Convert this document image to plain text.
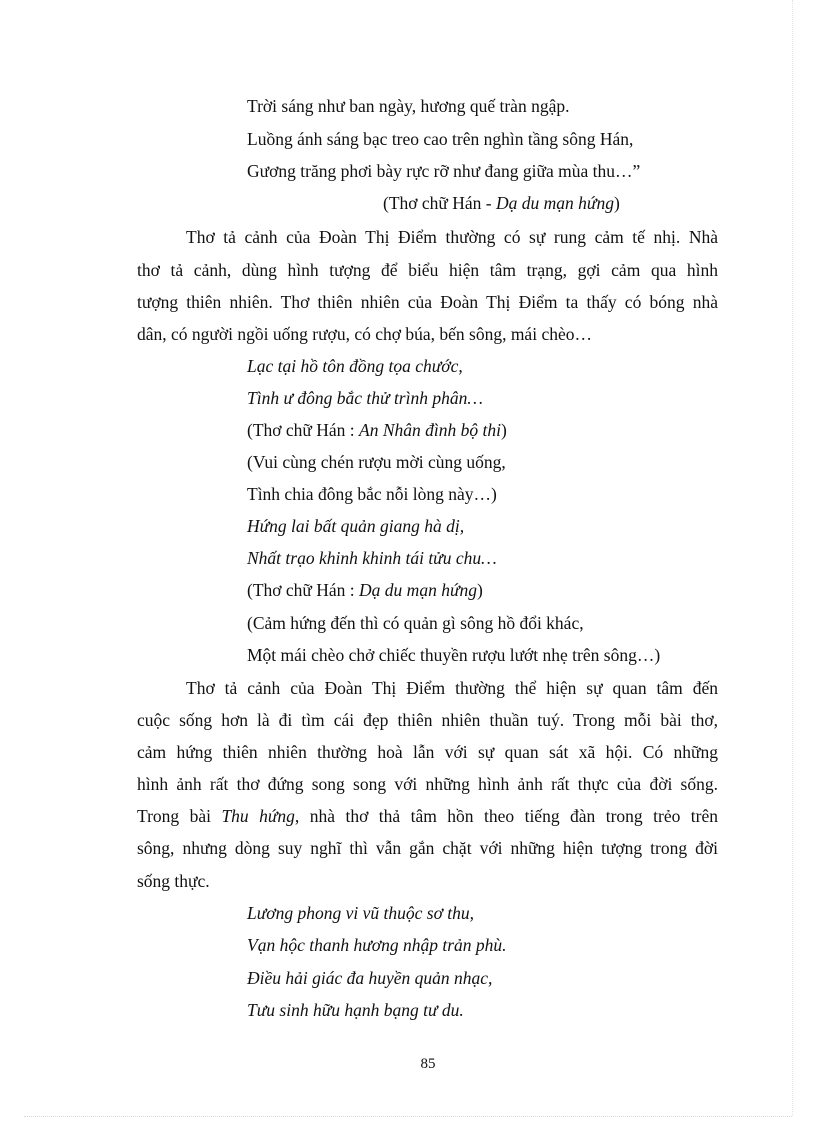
Trời sáng như ban ngày, hương quế tràn ngập.
Luồng ánh sáng bạc treo cao trên nghìn tầng sông Hán,
Gương trăng phơi bày rực rỡ như đang giữa mùa thu…”
(Thơ chữ Hán - Dạ du mạn hứng)
Thơ tả cảnh của Đoàn Thị Điểm thường có sự rung cảm tế nhị. Nhà
thơ tả cảnh, dùng hình tượng để biểu hiện tâm trạng, gợi cảm qua hình
tượng thiên nhiên. Thơ thiên nhiên của Đoàn Thị Điểm ta thấy có bóng nhà
dân, có người ngồi uống rượu, có chợ búa, bến sông, mái chèo…
Lạc tại hồ tôn đồng tọa chước,
Tình ư đông bắc thử trình phân…
(Thơ chữ Hán : An Nhân đình bộ thi)
(Vui cùng chén rượu mời cùng uống,
Tình chia đông bắc nỗi lòng này…)
Hứng lai bất quản giang hà dị,
Nhất trạo khinh khinh tái tửu chu…
(Thơ chữ Hán : Dạ du mạn hứng)
(Cảm hứng đến thì có quản gì sông hồ đổi khác,
Một mái chèo chở chiếc thuyền rượu lướt nhẹ trên sông…)
Thơ tả cảnh của Đoàn Thị Điểm thường thể hiện sự quan tâm đến
cuộc sống hơn là đi tìm cái đẹp thiên nhiên thuần tuý. Trong mỗi bài thơ,
cảm hứng thiên nhiên thường hoà lẫn với sự quan sát xã hội. Có những
hình ảnh rất thơ đứng song song với những hình ảnh rất thực của đời sống.
Trong bài Thu hứng, nhà thơ thả tâm hồn theo tiếng đàn trong trẻo trên
sông, nhưng dòng suy nghĩ thì vẫn gắn chặt với những hiện tượng trong đời
sống thực.
Lương phong vi vũ thuộc sơ thu,
Vạn hộc thanh hương nhập trản phù.
Điều hải giác đa huyền quản nhạc,
Tưu sinh hữu hạnh bạng tư du.
85
